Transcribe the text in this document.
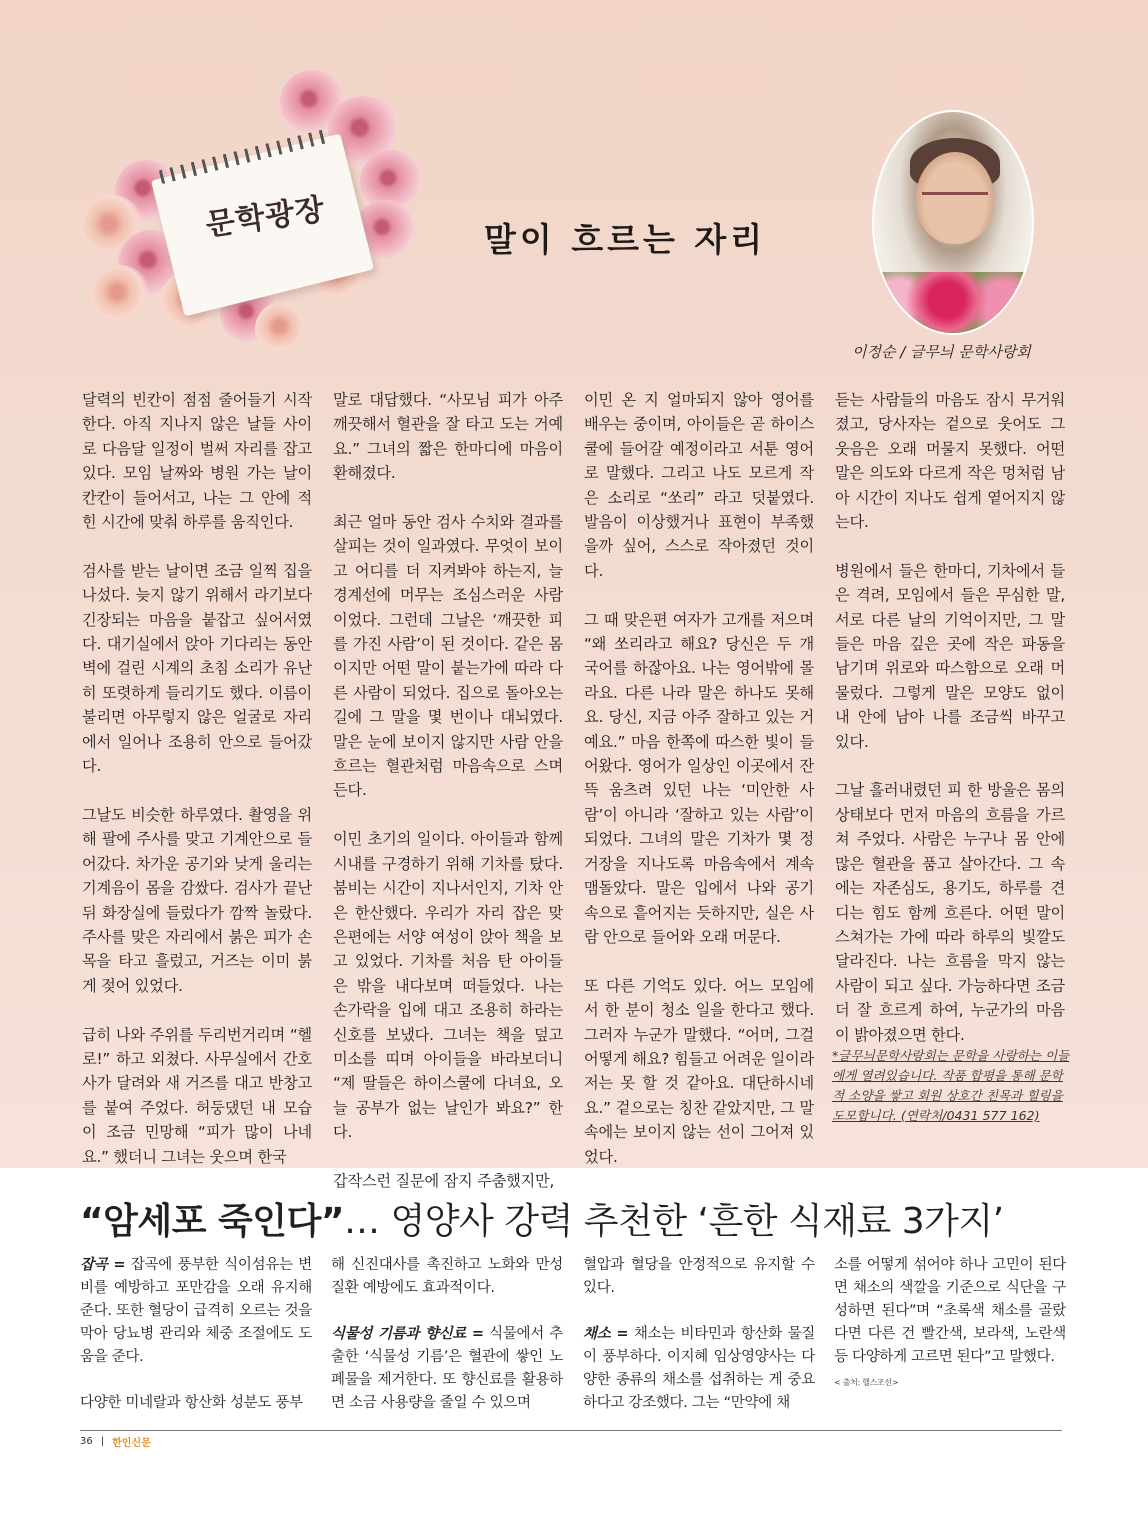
문학광장	말이 흐르는 자리
이정순 / 글무늬 문학사랑회

달력의 빈칸이 점점 줄어들기 시작한다. 아직 지나지 않은 날들 사이로 다음달 일정이 벌써 자리를 잡고 있다. 모임 날짜와 병원 가는 날이 칸칸이 들어서고, 나는 그 안에 적힌 시간에 맞춰 하루를 움직인다.

검사를 받는 날이면 조금 일찍 집을 나섰다. 늦지 않기 위해서 라기보다 긴장되는 마음을 붙잡고 싶어서였다. 대기실에서 앉아 기다리는 동안 벽에 걸린 시계의 초침 소리가 유난히 또렷하게 들리기도 했다. 이름이 불리면 아무렇지 않은 얼굴로 자리에서 일어나 조용히 안으로 들어갔다.

그날도 비슷한 하루였다. 촬영을 위해 팔에 주사를 맞고 기계안으로 들어갔다. 차가운 공기와 낮게 울리는 기계음이 몸을 감쌌다. 검사가 끝난 뒤 화장실에 들렀다가 깜짝 놀랐다. 주사를 맞은 자리에서 붉은 피가 손목을 타고 흘렀고, 거즈는 이미 붉게 젖어 있었다.

급히 나와 주위를 두리번거리며 “헬로!” 하고 외쳤다. 사무실에서 간호사가 달려와 새 거즈를 대고 반창고를 붙여 주었다. 허둥댔던 내 모습이 조금 민망해 “피가 많이 나네요.” 했더니 그녀는 웃으며 한국

말로 대답했다. “사모님 피가 아주 깨끗해서 혈관을 잘 타고 도는 거예요.” 그녀의 짧은 한마디에 마음이 환해졌다.

최근 얼마 동안 검사 수치와 결과를 살피는 것이 일과였다. 무엇이 보이고 어디를 더 지켜봐야 하는지, 늘 경계선에 머무는 조심스러운 사람이었다. 그런데 그날은 ‘깨끗한 피를 가진 사람’이 된 것이다. 같은 몸이지만 어떤 말이 붙는가에 따라 다른 사람이 되었다. 집으로 돌아오는 길에 그 말을 몇 번이나 대뇌였다. 말은 눈에 보이지 않지만 사람 안을 흐르는 혈관처럼 마음속으로 스며든다.

이민 초기의 일이다. 아이들과 함께 시내를 구경하기 위해 기차를 탔다. 붐비는 시간이 지나서인지, 기차 안은 한산했다. 우리가 자리 잡은 맞은편에는 서양 여성이 앉아 책을 보고 있었다. 기차를 처음 탄 아이들은 밖을 내다보며 떠들었다. 나는 손가락을 입에 대고 조용히 하라는 신호를 보냈다. 그녀는 책을 덮고 미소를 띠며 아이들을 바라보더니 “제 딸들은 하이스쿨에 다녀요, 오늘 공부가 없는 날인가 봐요?” 한다.

갑작스런 질문에 잠지 주춤했지만,

이민 온 지 얼마되지 않아 영어를 배우는 중이며, 아이들은 곧 하이스쿨에 들어갈 예정이라고 서툰 영어로 말했다. 그리고 나도 모르게 작은 소리로 “쏘리” 라고 덧붙였다. 발음이 이상했거나 표현이 부족했을까 싶어, 스스로 작아졌던 것이다.

그 때 맞은편 여자가 고개를 저으며 “왜 쏘리라고 해요? 당신은 두 개 국어를 하잖아요. 나는 영어밖에 몰라요. 다른 나라 말은 하나도 못해요. 당신, 지금 아주 잘하고 있는 거예요.” 마음 한쪽에 따스한 빛이 들어왔다. 영어가 일상인 이곳에서 잔뜩 움츠려 있던 나는 ‘미안한 사람’이 아니라 ‘잘하고 있는 사람’이 되었다. 그녀의 말은 기차가 몇 정거장을 지나도록 마음속에서 계속 맴돌았다. 말은 입에서 나와 공기 속으로 흩어지는 듯하지만, 실은 사람 안으로 들어와 오래 머문다.

또 다른 기억도 있다. 어느 모임에서 한 분이 청소 일을 한다고 했다. 그러자 누군가 말했다. “어머, 그걸 어떻게 해요? 힘들고 어려운 일이라 저는 못 할 것 같아요. 대단하시네요.” 겉으로는 칭찬 같았지만, 그 말 속에는 보이지 않는 선이 그어져 있었다.

듣는 사람들의 마음도 잠시 무거워졌고, 당사자는 겉으로 웃어도 그 웃음은 오래 머물지 못했다. 어떤 말은 의도와 다르게 작은 멍처럼 남아 시간이 지나도 쉽게 옅어지지 않는다.

병원에서 들은 한마디, 기차에서 들은 격려, 모임에서 들은 무심한 말, 서로 다른 날의 기억이지만, 그 말들은 마음 깊은 곳에 작은 파동을 남기며 위로와 따스함으로 오래 머물렀다. 그렇게 말은 모양도 없이 내 안에 남아 나를 조금씩 바꾸고 있다.

그날 흘러내렸던 피 한 방울은 몸의 상태보다 먼저 마음의 흐름을 가르쳐 주었다. 사람은 누구나 몸 안에 많은 혈관을 품고 살아간다. 그 속에는 자존심도, 용기도, 하루를 견디는 힘도 함께 흐른다. 어떤 말이 스쳐가는 가에 따라 하루의 빛깔도 달라진다. 나는 흐름을 막지 않는 사람이 되고 싶다. 가능하다면 조금 더 잘 흐르게 하여, 누군가의 마음이 밝아졌으면 한다.

*글무늬문학사랑회는 문학을 사랑하는 이들에게 열려있습니다. 작품 합평을 통해 문학적 소양을 쌓고 회원 상호간 친목과 힐링을 도모합니다. (연락처/0431 577 162)
“암세포 죽인다”… 영양사 강력 추천한 ‘흔한 식재료 3가지’

잡곡 = 잡곡에 풍부한 식이섬유는 변비를 예방하고 포만감을 오래 유지해 준다. 또한 혈당이 급격히 오르는 것을 막아 당뇨병 관리와 체중 조절에도 도움을 준다.

다양한 미네랄과 항산화 성분도 풍부

해 신진대사를 촉진하고 노화와 만성 질환 예방에도 효과적이다.

식물성 기름과 향신료 = 식물에서 추출한 ‘식물성 기름’은 혈관에 쌓인 노폐물을 제거한다. 또 향신료를 활용하면 소금 사용량을 줄일 수 있으며

혈압과 혈당을 안정적으로 유지할 수 있다.

채소 = 채소는 비타민과 항산화 물질이 풍부하다. 이지혜 임상영양사는 다양한 종류의 채소를 섭취하는 게 중요하다고 강조했다. 그는 “만약에 채

소를 어떻게 섞어야 하나 고민이 된다면 채소의 색깔을 기준으로 식단을 구성하면 된다”며 “초록색 채소를 골랐다면 다른 건 빨간색, 보라색, 노란색 등 다양하게 고르면 된다”고 말했다.
< 출처: 헬스조선>

36 | 한인신문
